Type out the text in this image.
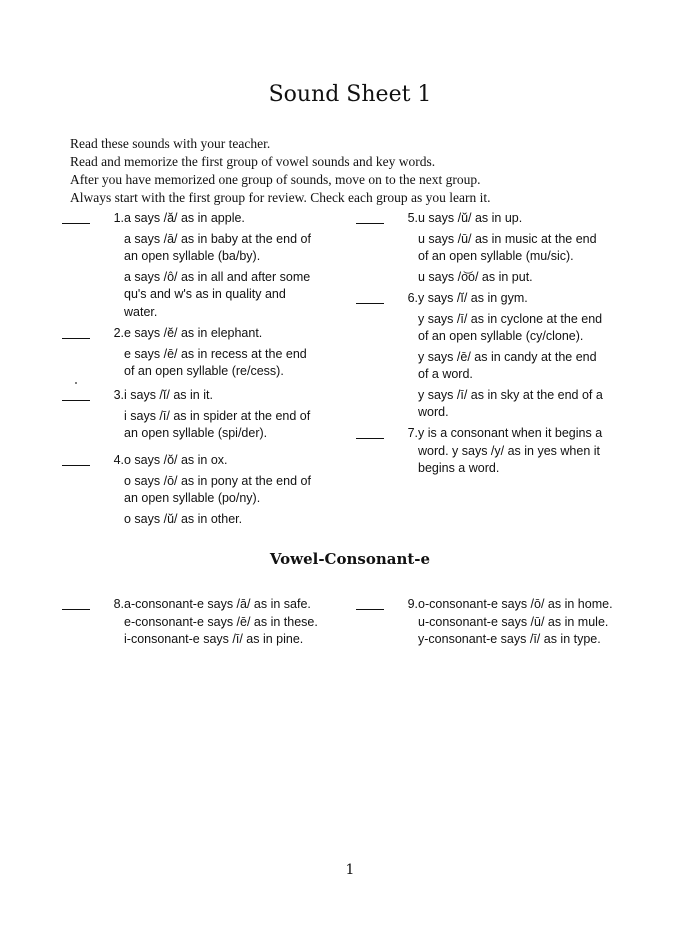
Sound Sheet 1
Read these sounds with your teacher.
Read and memorize the first group of vowel sounds and key words.
After you have memorized one group of sounds, move on to the next group.
Always start with the first group for review. Check each group as you learn it.
1. a says /ă/ as in apple.
a says /ā/ as in baby at the end of
an open syllable (ba/by).
a says /ô/ as in all and after some
qu's and w's as in quality and
water.
2. e says /ĕ/ as in elephant.
e says /ē/ as in recess at the end
of an open syllable (re/cess).
3. i says /ĭ/ as in it.
i says /ī/ as in spider at the end of
an open syllable (spi/der).
4. o says /ŏ/ as in ox.
o says /ō/ as in pony at the end of
an open syllable (po/ny).
o says /ŭ/ as in other.
5. u says /ŭ/ as in up.
u says /ū/ as in music at the end
of an open syllable (mu/sic).
u says /o͝o/ as in put.
6. y says /ĭ/ as in gym.
y says /ī/ as in cyclone at the end
of an open syllable (cy/clone).
y says /ē/ as in candy at the end
of a word.
y says /ī/ as in sky at the end of a
word.
7. y is a consonant when it begins a
word. y says /y/ as in yes when it
begins a word.
Vowel-Consonant-e
8. a-consonant-e says /ā/ as in safe.
e-consonant-e says /ē/ as in these.
i-consonant-e says /ī/ as in pine.
9. o-consonant-e says /ō/ as in home.
u-consonant-e says /ū/ as in mule.
y-consonant-e says /ī/ as in type.
1
